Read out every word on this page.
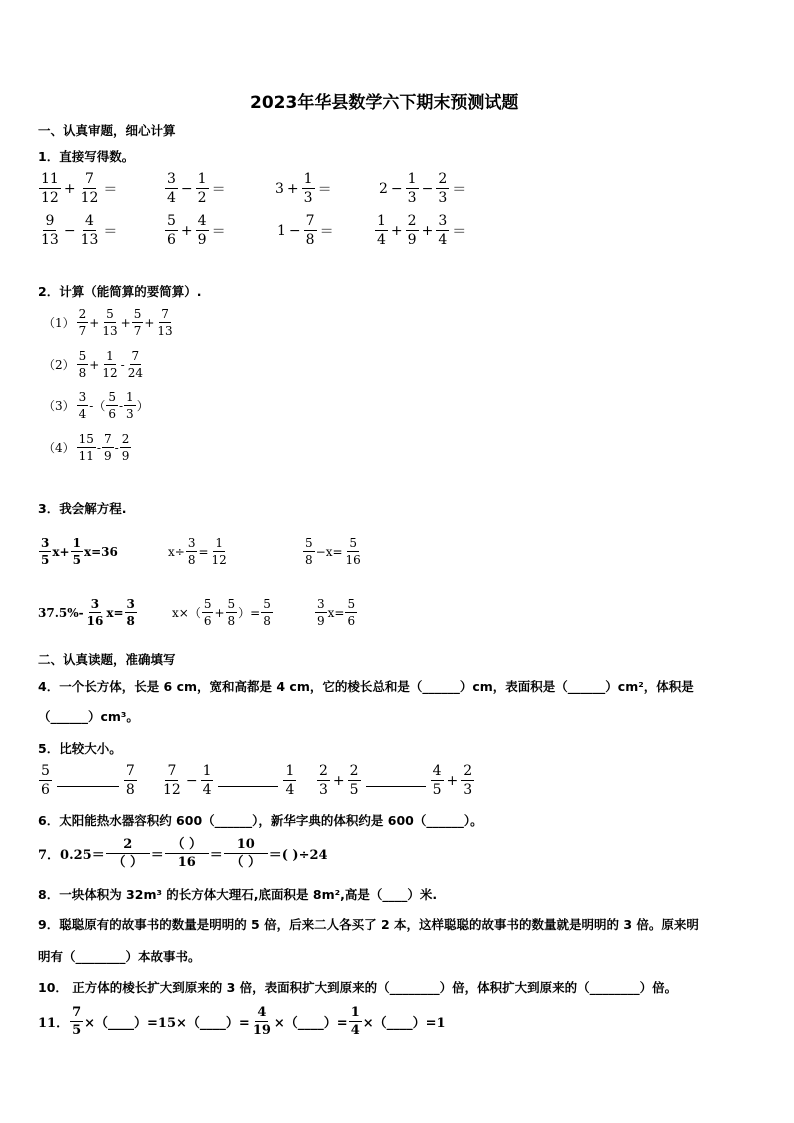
2023年华县数学六下期末预测试题
一、认真审题，细心计算
1．直接写得数。
$\frac{11}{12} + \frac{7}{12}$ ＝	$\frac{3}{4} - \frac{1}{2}$ ＝	$3 + \frac{1}{3}$ ＝	$2 - \frac{1}{3} - \frac{2}{3}$ ＝
$\frac{9}{13} - \frac{4}{13}$ ＝	$\frac{5}{6} + \frac{4}{9}$ ＝	$1 - \frac{7}{8}$ ＝	$\frac{1}{4} + \frac{2}{9} + \frac{3}{4}$ ＝
2．计算（能简算的要简算）.
$(1) \frac{2}{7} + \frac{5}{13} + \frac{5}{7} + \frac{7}{13}$
$(2) \frac{5}{8} + \frac{1}{12} - \frac{7}{24}$
$(3) \frac{3}{4}$ -（ $\frac{5}{6} - \frac{1}{3}$ ）
$(4) \frac{15}{11} - \frac{7}{9} - \frac{2}{9}$
3．我会解方程.
$\frac{3}{5} x+ \frac{1}{5} x=36$	$x\div \frac{3}{8} = \frac{1}{12}$	$\frac{5}{8} -x= \frac{5}{16}$
$37.5\%- \frac{3}{16} x= \frac{3}{8}$	$x\times( \frac{5}{6} + \frac{5}{8}$ ）= $\frac{5}{8}$	$\frac{3}{9} x= \frac{5}{6}$
二、认真读题，准确填写
4．一个长方体，长是 6 cm，宽和高都是 4 cm，它的棱长总和是（______）cm，表面积是（______）cm²，体积是
（______）cm³。
5．比较大小。
$\frac{5}{6}$	$\frac{7}{8} \frac{7}{12} - \frac{1}{4}$	$\frac{1}{4} \frac{2}{3} + \frac{2}{5}$	$\frac{4}{5} + \frac{2}{3}$
6．太阳能热水器容积约 600（______），新华字典的体积约是 600（______）。
7．$0.25= \frac{2}{( )} = \frac{( )}{16} = \frac{10}{( )}$ ＝( )÷24
8．一块体积为 32m³ 的长方体大理石,底面积是 8m²,高是（____）米.
9．聪聪原有的故事书的数量是明明的 5 倍，后来二人各买了 2 本，这样聪聪的故事书的数量就是明明的 3 倍。原来明
明有（________）本故事书。
10． 正方体的棱长扩大到原来的 3 倍，表面积扩大到原来的（________）倍，体积扩大到原来的（________）倍。
11． $\frac{7}{5}$ ×（____）=15×（____）= $\frac{4}{19}$ ×（____）= $\frac{1}{4}$ ×（____）=1
